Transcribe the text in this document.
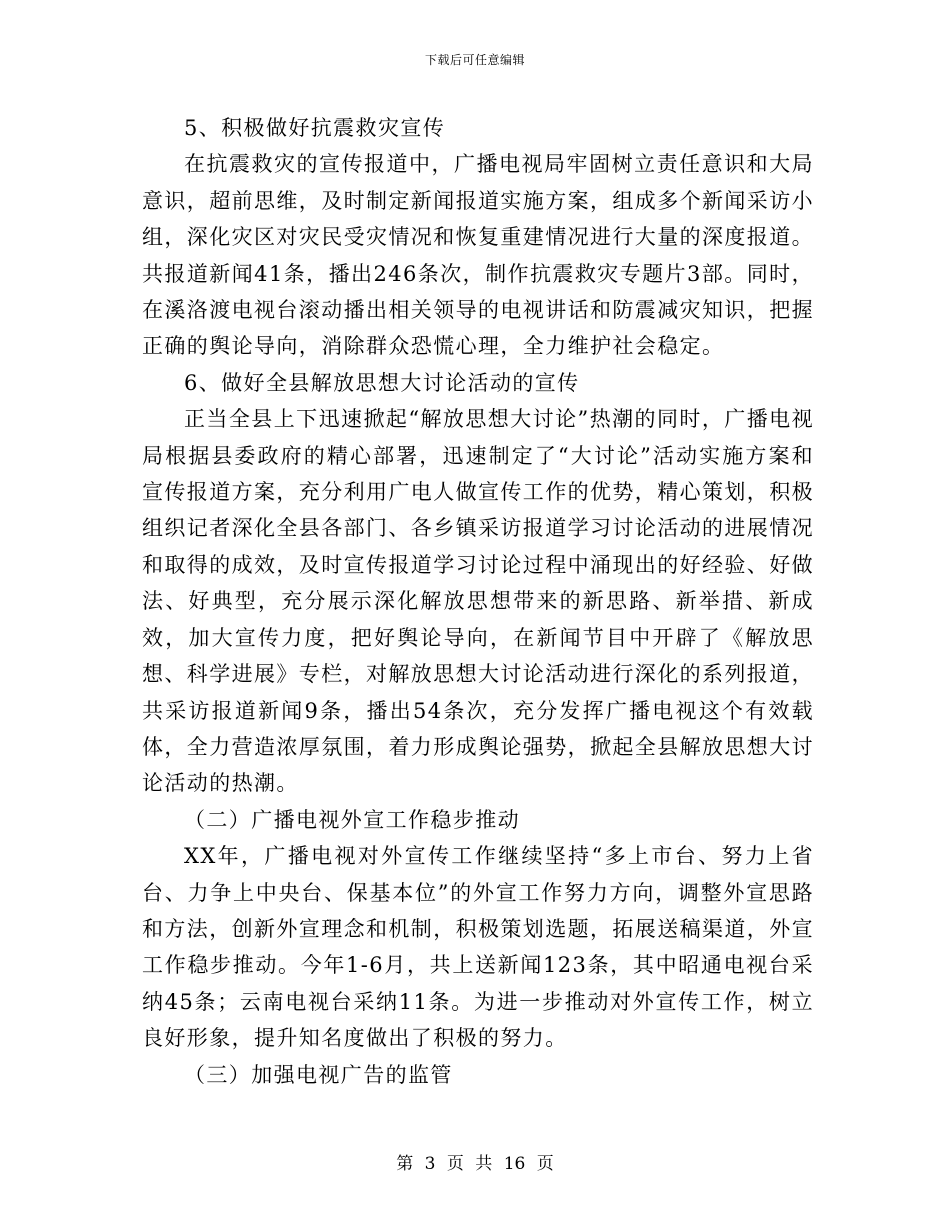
下载后可任意编辑

5、积极做好抗震救灾宣传

在抗震救灾的宣传报道中，广播电视局牢固树立责任意识和大局意识，超前思维，及时制定新闻报道实施方案，组成多个新闻采访小组，深化灾区对灾民受灾情况和恢复重建情况进行大量的深度报道。共报道新闻41条，播出246条次，制作抗震救灾专题片3部。同时，在溪洛渡电视台滚动播出相关领导的电视讲话和防震减灾知识，把握正确的舆论导向，消除群众恐慌心理，全力维护社会稳定。

6、做好全县解放思想大讨论活动的宣传

正当全县上下迅速掀起“解放思想大讨论”热潮的同时，广播电视局根据县委政府的精心部署，迅速制定了“大讨论”活动实施方案和宣传报道方案，充分利用广电人做宣传工作的优势，精心策划，积极组织记者深化全县各部门、各乡镇采访报道学习讨论活动的进展情况和取得的成效，及时宣传报道学习讨论过程中涌现出的好经验、好做法、好典型，充分展示深化解放思想带来的新思路、新举措、新成效，加大宣传力度，把好舆论导向，在新闻节目中开辟了《解放思想、科学进展》专栏，对解放思想大讨论活动进行深化的系列报道，共采访报道新闻9条，播出54条次，充分发挥广播电视这个有效载体，全力营造浓厚氛围，着力形成舆论强势，掀起全县解放思想大讨论活动的热潮。

（二）广播电视外宣工作稳步推动

XX年，广播电视对外宣传工作继续坚持“多上市台、努力上省台、力争上中央台、保基本位”的外宣工作努力方向，调整外宣思路和方法，创新外宣理念和机制，积极策划选题，拓展送稿渠道，外宣工作稳步推动。今年1-6月，共上送新闻123条，其中昭通电视台采纳45条；云南电视台采纳11条。为进一步推动对外宣传工作，树立良好形象，提升知名度做出了积极的努力。

（三）加强电视广告的监管

第 3 页 共 16 页
